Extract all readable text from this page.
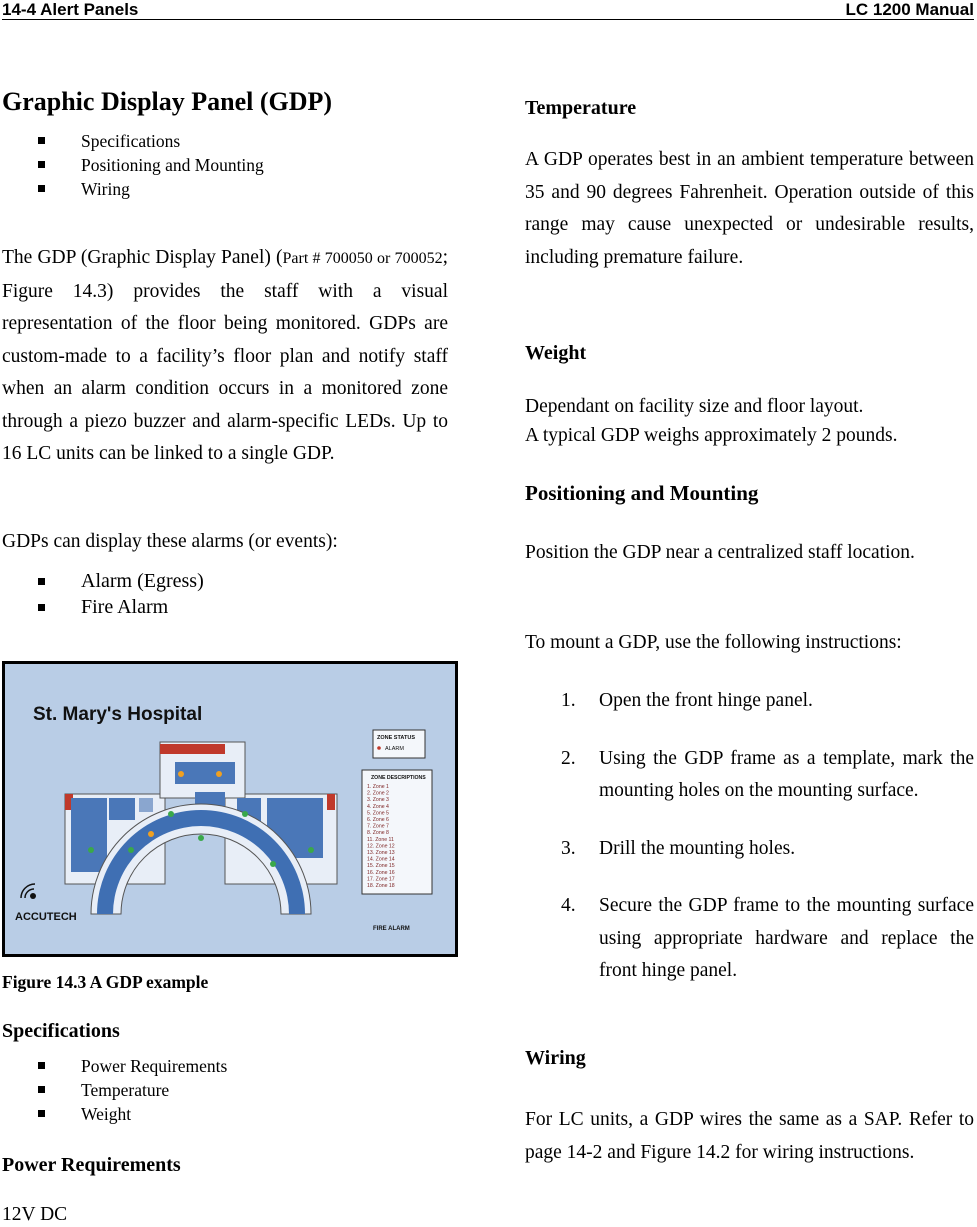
14-4 Alert Panels	LC 1200 Manual
Graphic Display Panel (GDP)
Specifications
Positioning and Mounting
Wiring
The GDP (Graphic Display Panel) (Part # 700050 or 700052; Figure 14.3) provides the staff with a visual representation of the floor being monitored. GDPs are custom-made to a facility’s floor plan and notify staff when an alarm condition occurs in a monitored zone through a piezo buzzer and alarm-specific LEDs. Up to 16 LC units can be linked to a single GDP.
GDPs can display these alarms (or events):
Alarm (Egress)
Fire Alarm
St. Mary's Hospital
ZONE STATUS
ALARM
ZONE DESCRIPTIONS
1. Zone 1
2. Zone 2
3. Zone 3
4. Zone 4
5. Zone 5
6. Zone 6
7. Zone 7
8. Zone 8
11. Zone 11
12. Zone 12
13. Zone 13
14. Zone 14
15. Zone 15
16. Zone 16
17. Zone 17
18. Zone 18
ACCUTECH
FIRE ALARM
Figure 14.3 A GDP example
Specifications
Power Requirements
Temperature
Weight
Power Requirements
12V DC
Temperature
A GDP operates best in an ambient temperature between 35 and 90 degrees Fahrenheit. Operation outside of this range may cause unexpected or undesirable results, including premature failure.
Weight
Dependant on facility size and floor layout.
A typical GDP weighs approximately 2 pounds.
Positioning and Mounting
Position the GDP near a centralized staff location.
To mount a GDP, use the following instructions:
1. Open the front hinge panel.
2. Using the GDP frame as a template, mark the mounting holes on the mounting surface.
3. Drill the mounting holes.
4. Secure the GDP frame to the mounting surface using appropriate hardware and replace the front hinge panel.
Wiring
For LC units, a GDP wires the same as a SAP. Refer to page 14-2 and Figure 14.2 for wiring instructions.
